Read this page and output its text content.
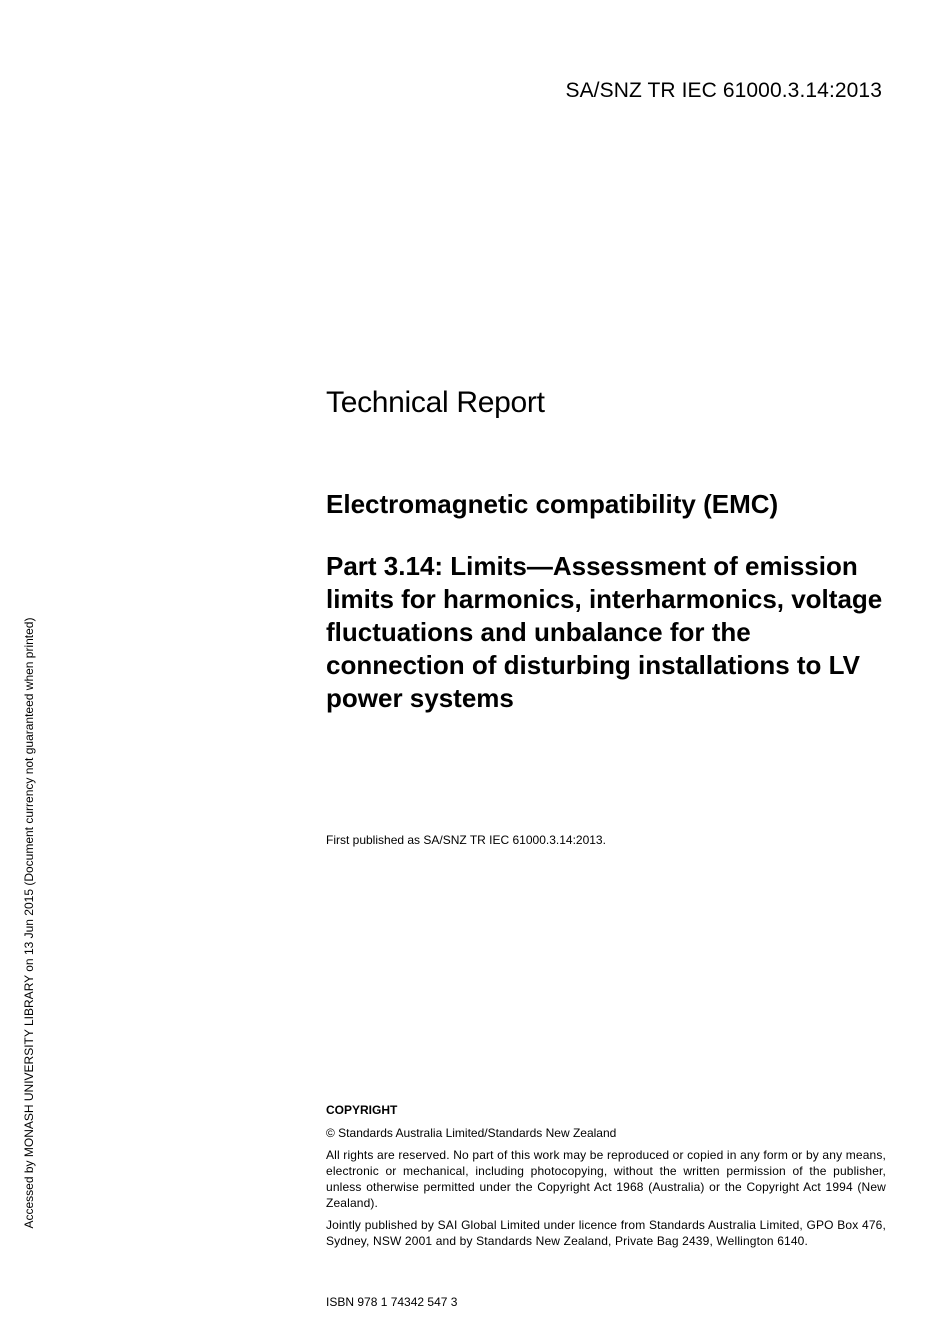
SA/SNZ TR IEC 61000.3.14:2013
Technical Report
Electromagnetic compatibility (EMC)
Part 3.14: Limits—Assessment of emission limits for harmonics, interharmonics, voltage fluctuations and unbalance for the connection of disturbing installations to LV power systems
First published as SA/SNZ TR IEC 61000.3.14:2013.

COPYRIGHT

© Standards Australia Limited/Standards New Zealand

All rights are reserved. No part of this work may be reproduced or copied in any form or by any means, electronic or mechanical, including photocopying, without the written permission of the publisher, unless otherwise permitted under the Copyright Act 1968 (Australia) or the Copyright Act 1994 (New Zealand).

Jointly published by SAI Global Limited under licence from Standards Australia Limited, GPO Box 476, Sydney, NSW 2001 and by Standards New Zealand, Private Bag 2439, Wellington 6140.

ISBN 978 1 74342 547 3
Accessed by MONASH UNIVERSITY LIBRARY on 13 Jun 2015 (Document currency not guaranteed when printed)
